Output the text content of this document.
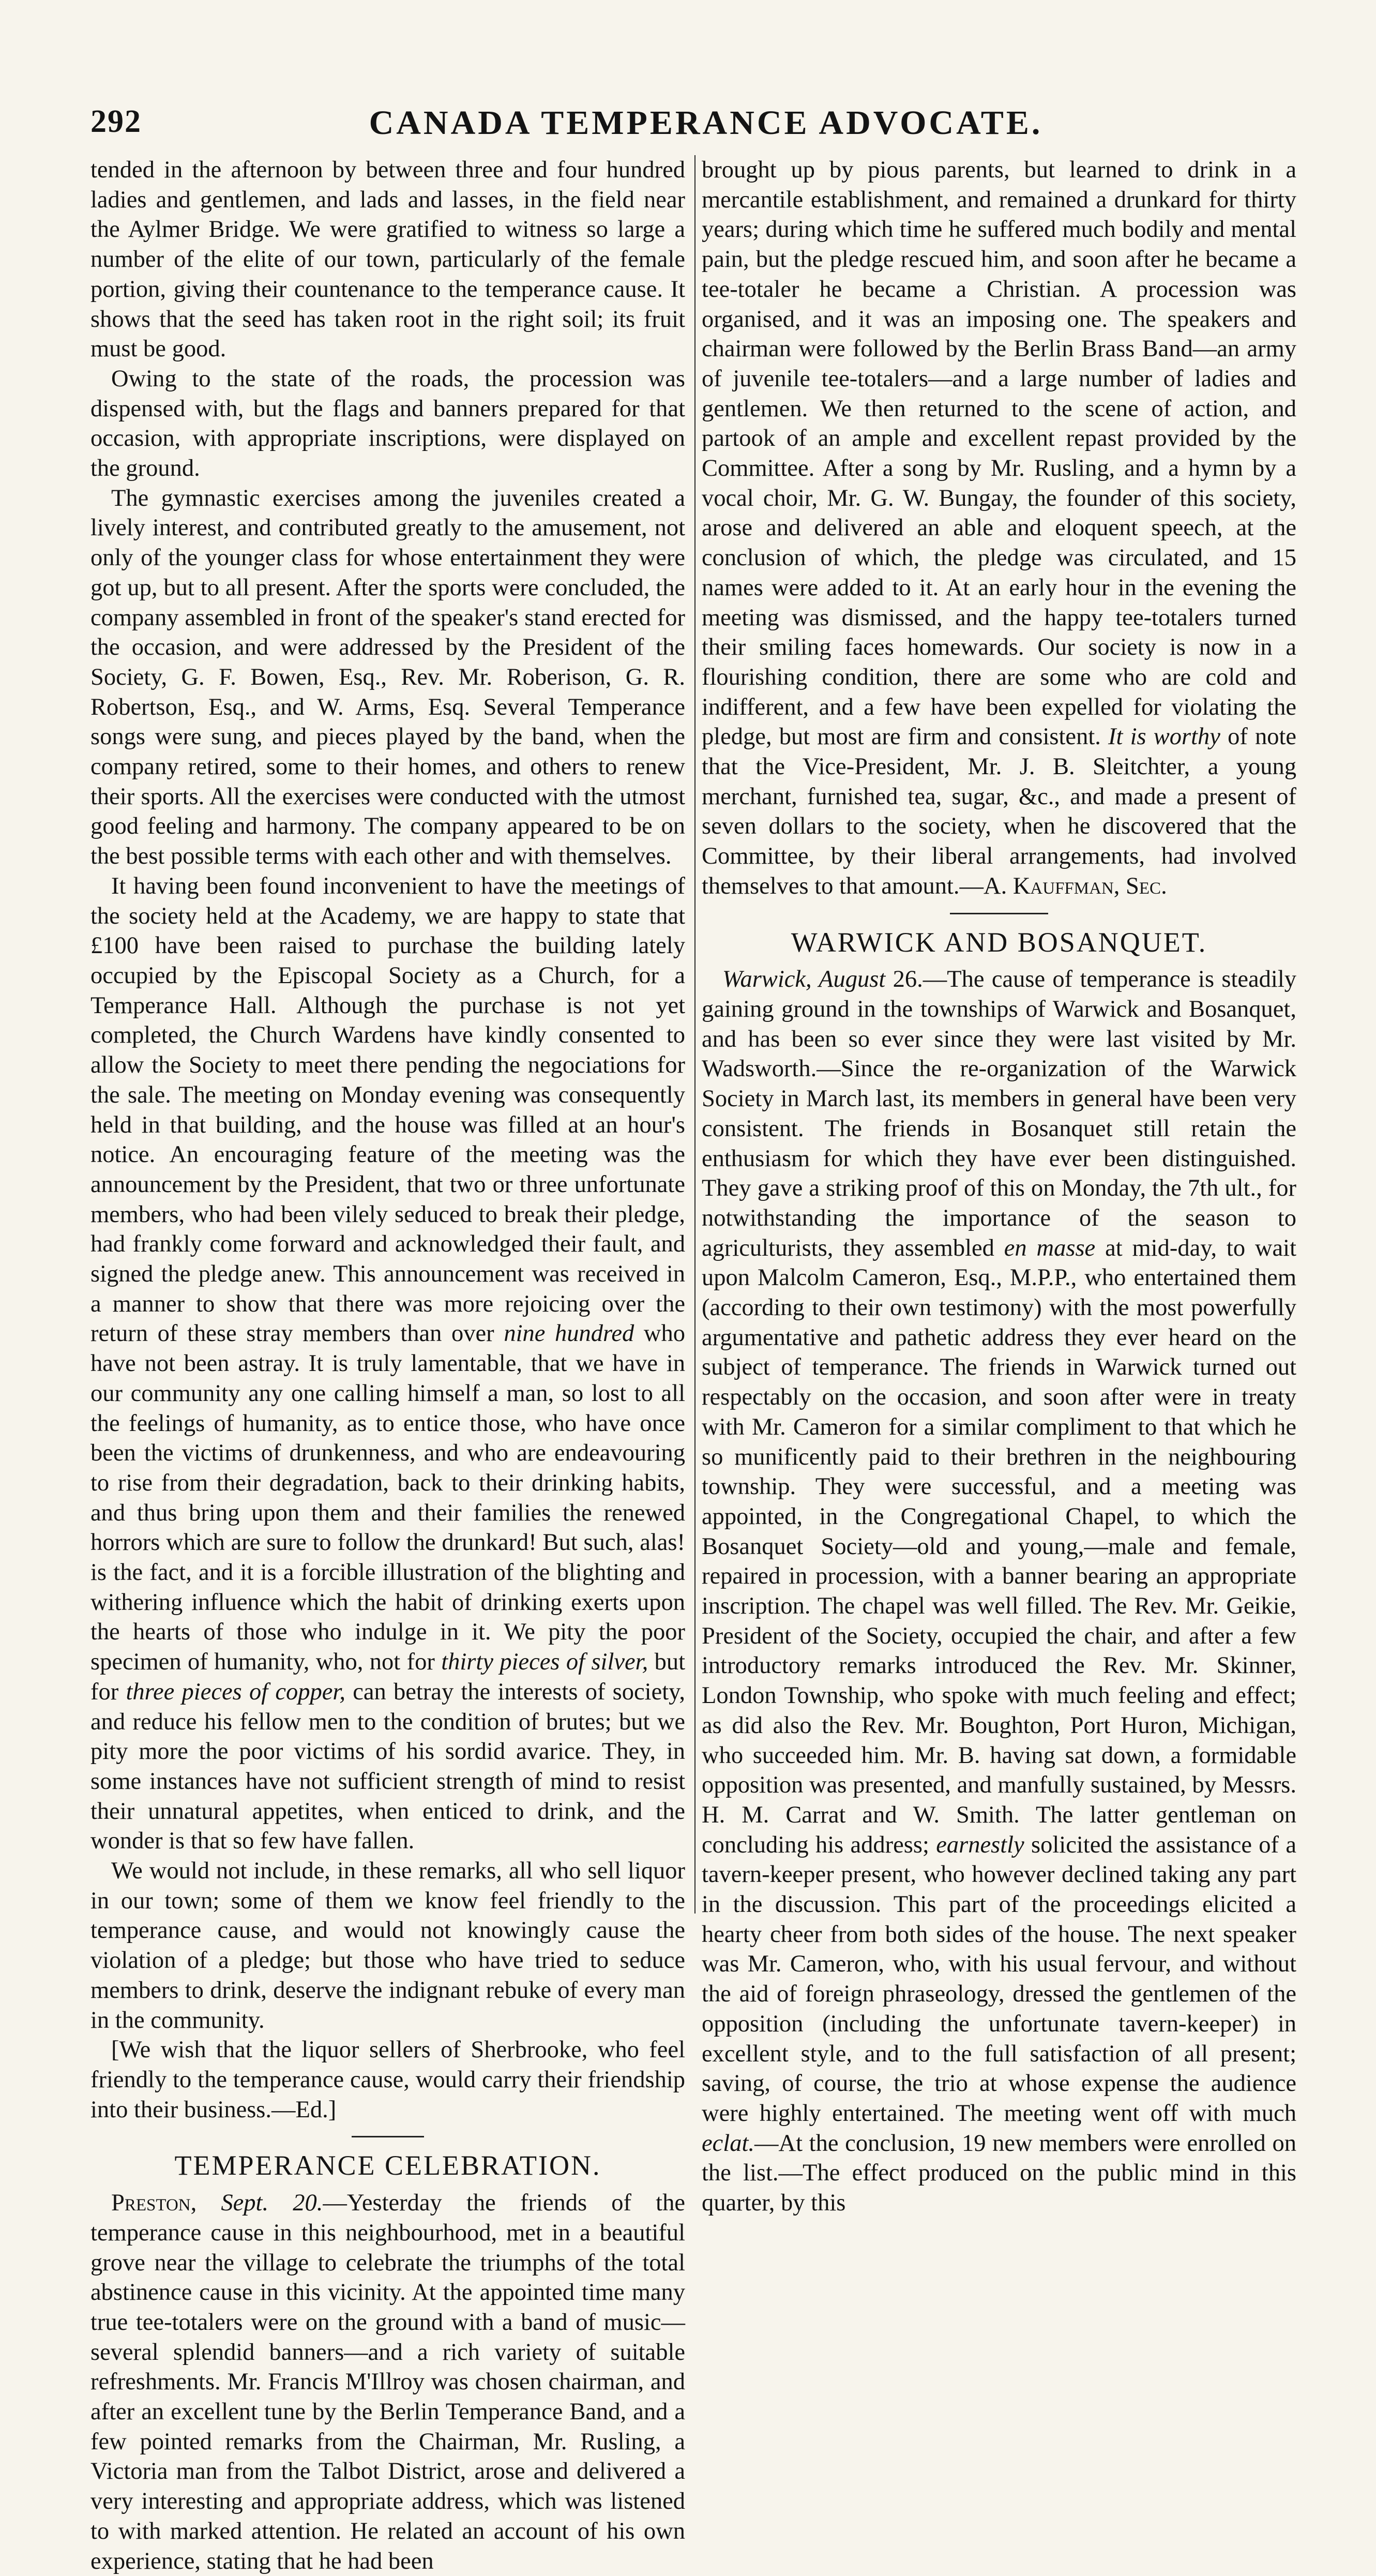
292	CANADA TEMPERANCE ADVOCATE.

tended in the afternoon by between three and four hundred ladies and gentlemen, and lads and lasses, in the field near the Aylmer Bridge. We were gratified to witness so large a number of the elite of our town, particularly of the female portion, giving their countenance to the temperance cause. It shows that the seed has taken root in the right soil; its fruit must be good.

Owing to the state of the roads, the procession was dispensed with, but the flags and banners prepared for that occasion, with appropriate inscriptions, were displayed on the ground.

The gymnastic exercises among the juveniles created a lively interest, and contributed greatly to the amusement, not only of the younger class for whose entertainment they were got up, but to all present. After the sports were concluded, the company assembled in front of the speaker's stand erected for the occasion, and were addressed by the President of the Society, G. F. Bowen, Esq., Rev. Mr. Roberison, G. R. Robertson, Esq., and W. Arms, Esq. Several Temperance songs were sung, and pieces played by the band, when the company retired, some to their homes, and others to renew their sports. All the exercises were conducted with the utmost good feeling and harmony. The company appeared to be on the best possible terms with each other and with themselves.

It having been found inconvenient to have the meetings of the society held at the Academy, we are happy to state that £100 have been raised to purchase the building lately occupied by the Episcopal Society as a Church, for a Temperance Hall. Although the purchase is not yet completed, the Church Wardens have kindly consented to allow the Society to meet there pending the negociations for the sale. The meeting on Monday evening was consequently held in that building, and the house was filled at an hour's notice. An encouraging feature of the meeting was the announcement by the President, that two or three unfortunate members, who had been vilely seduced to break their pledge, had frankly come forward and acknowledged their fault, and signed the pledge anew. This announcement was received in a manner to show that there was more rejoicing over the return of these stray members than over nine hundred who have not been astray. It is truly lamentable, that we have in our community any one calling himself a man, so lost to all the feelings of humanity, as to entice those, who have once been the victims of drunkenness, and who are endeavouring to rise from their degradation, back to their drinking habits, and thus bring upon them and their families the renewed horrors which are sure to follow the drunkard! But such, alas! is the fact, and it is a forcible illustration of the blighting and withering influence which the habit of drinking exerts upon the hearts of those who indulge in it. We pity the poor specimen of humanity, who, not for thirty pieces of silver, but for three pieces of copper, can betray the interests of society, and reduce his fellow men to the condition of brutes; but we pity more the poor victims of his sordid avarice. They, in some instances have not sufficient strength of mind to resist their unnatural appetites, when enticed to drink, and the wonder is that so few have fallen.

We would not include, in these remarks, all who sell liquor in our town; some of them we know feel friendly to the temperance cause, and would not knowingly cause the violation of a pledge; but those who have tried to seduce members to drink, deserve the indignant rebuke of every man in the community.

[We wish that the liquor sellers of Sherbrooke, who feel friendly to the temperance cause, would carry their friendship into their business.—Ed.]

TEMPERANCE CELEBRATION.

Preston, Sept. 20.—Yesterday the friends of the temperance cause in this neighbourhood, met in a beautiful grove near the village to celebrate the triumphs of the total abstinence cause in this vicinity. At the appointed time many true tee-totalers were on the ground with a band of music—several splendid banners—and a rich variety of suitable refreshments. Mr. Francis M'Illroy was chosen chairman, and after an excellent tune by the Berlin Temperance Band, and a few pointed remarks from the Chairman, Mr. Rusling, a Victoria man from the Talbot District, arose and delivered a very interesting and appropriate address, which was listened to with marked attention. He related an account of his own experience, stating that he had been

brought up by pious parents, but learned to drink in a mercantile establishment, and remained a drunkard for thirty years; during which time he suffered much bodily and mental pain, but the pledge rescued him, and soon after he became a tee-totaler he became a Christian. A procession was organised, and it was an imposing one. The speakers and chairman were followed by the Berlin Brass Band—an army of juvenile tee-totalers—and a large number of ladies and gentlemen. We then returned to the scene of action, and partook of an ample and excellent repast provided by the Committee. After a song by Mr. Rusling, and a hymn by a vocal choir, Mr. G. W. Bungay, the founder of this society, arose and delivered an able and eloquent speech, at the conclusion of which, the pledge was circulated, and 15 names were added to it. At an early hour in the evening the meeting was dismissed, and the happy tee-totalers turned their smiling faces homewards. Our society is now in a flourishing condition, there are some who are cold and indifferent, and a few have been expelled for violating the pledge, but most are firm and consistent. It is worthy of note that the Vice-President, Mr. J. B. Sleitchter, a young merchant, furnished tea, sugar, &c., and made a present of seven dollars to the society, when he discovered that the Committee, by their liberal arrangements, had involved themselves to that amount.—A. Kauffman, Sec.

WARWICK AND BOSANQUET.

Warwick, August 26.—The cause of temperance is steadily gaining ground in the townships of Warwick and Bosanquet, and has been so ever since they were last visited by Mr. Wadsworth.—Since the re-organization of the Warwick Society in March last, its members in general have been very consistent. The friends in Bosanquet still retain the enthusiasm for which they have ever been distinguished. They gave a striking proof of this on Monday, the 7th ult., for notwithstanding the importance of the season to agriculturists, they assembled en masse at mid-day, to wait upon Malcolm Cameron, Esq., M.P.P., who entertained them (according to their own testimony) with the most powerfully argumentative and pathetic address they ever heard on the subject of temperance. The friends in Warwick turned out respectably on the occasion, and soon after were in treaty with Mr. Cameron for a similar compliment to that which he so munificently paid to their brethren in the neighbouring township. They were successful, and a meeting was appointed, in the Congregational Chapel, to which the Bosanquet Society—old and young,—male and female, repaired in procession, with a banner bearing an appropriate inscription. The chapel was well filled. The Rev. Mr. Geikie, President of the Society, occupied the chair, and after a few introductory remarks introduced the Rev. Mr. Skinner, London Township, who spoke with much feeling and effect; as did also the Rev. Mr. Boughton, Port Huron, Michigan, who succeeded him. Mr. B. having sat down, a formidable opposition was presented, and manfully sustained, by Messrs. H. M. Carrat and W. Smith. The latter gentleman on concluding his address; earnestly solicited the assistance of a tavern-keeper present, who however declined taking any part in the discussion. This part of the proceedings elicited a hearty cheer from both sides of the house. The next speaker was Mr. Cameron, who, with his usual fervour, and without the aid of foreign phraseology, dressed the gentlemen of the opposition (including the unfortunate tavern-keeper) in excellent style, and to the full satisfaction of all present; saving, of course, the trio at whose expense the audience were highly entertained. The meeting went off with much eclat.—At the conclusion, 19 new members were enrolled on the list.—The effect produced on the public mind in this quarter, by this
